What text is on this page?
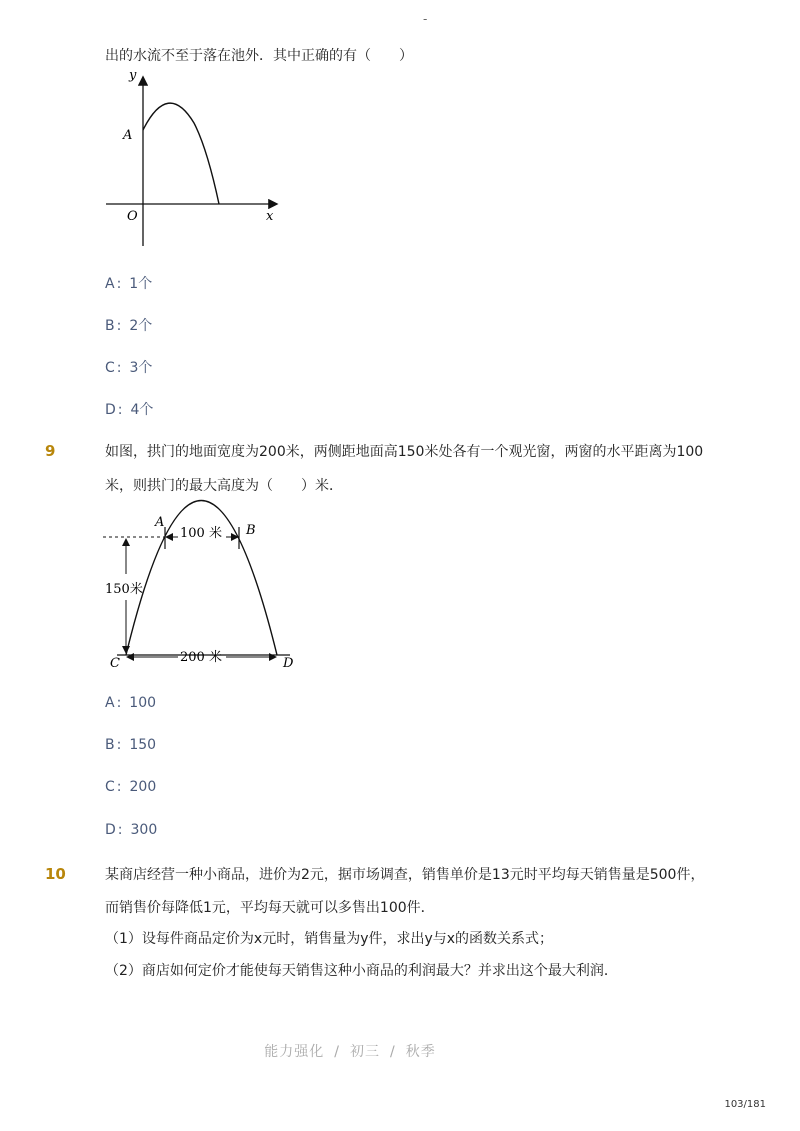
-
出的水流不至于落在池外．其中正确的有（　　）
y
x
O
A
A : 1个
B : 2个
C : 3个
D : 4个
9	如图，拱门的地面宽度为200米，两侧距地面高150米处各有一个观光窗，两窗的水平距离为100
米，则拱门的最大高度为（　　）米．
100 米
150米
200 米
A
B
C	D
A : 100
B : 150
C : 200
D : 300
10	某商店经营一种小商品，进价为2元，据市场调查，销售单价是13元时平均每天销售量是500件，
而销售价每降低1元，平均每天就可以多售出100件．
（1）设每件商品定价为x元时，销售量为y件，求出y与x的函数关系式；
（2）商店如何定价才能使每天销售这种小商品的利润最大？并求出这个最大利润．
能力强化 / 初三 / 秋季
103/181
